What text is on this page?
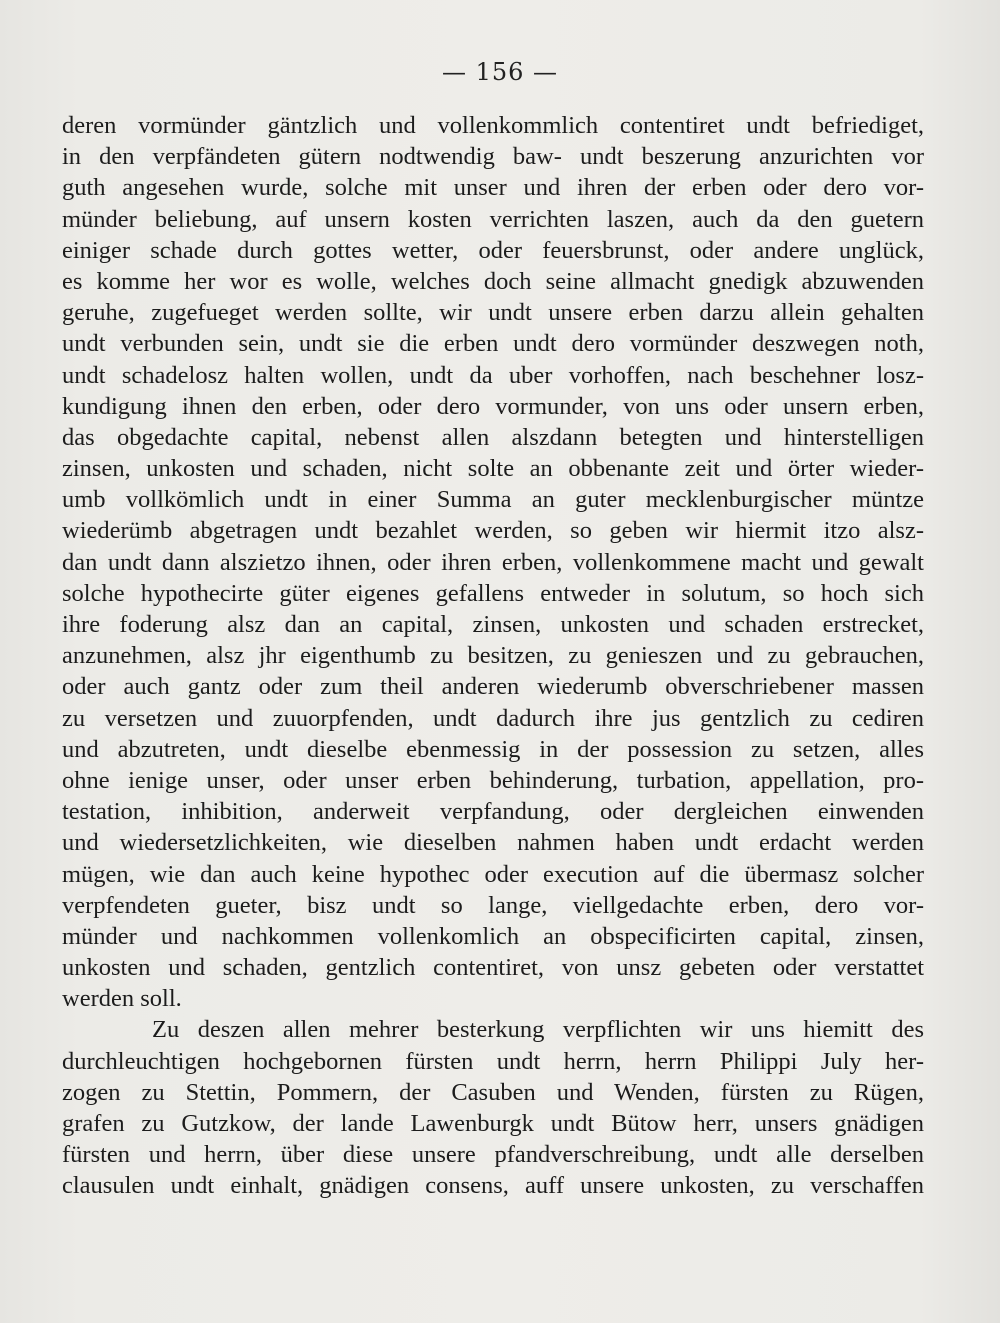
— 156 —
deren vormünder gäntzlich und vollenkommlich contentiret undt befriediget,
in den verpfändeten gütern nodtwendig baw- undt beszerung anzurichten vor
guth angesehen wurde, solche mit unser und ihren der erben oder dero vor-
münder beliebung, auf unsern kosten verrichten laszen, auch da den guetern
einiger schade durch gottes wetter, oder feuersbrunst, oder andere unglück,
es komme her wor es wolle, welches doch seine allmacht gnedigk abzuwenden
geruhe, zugefueget werden sollte, wir undt unsere erben darzu allein gehalten
undt verbunden sein, undt sie die erben undt dero vormünder deszwegen noth,
undt schadelosz halten wollen, undt da uber vorhoffen, nach beschehner losz-
kundigung ihnen den erben, oder dero vormunder, von uns oder unsern erben,
das obgedachte capital, nebenst allen alszdann betegten und hinterstelligen
zinsen, unkosten und schaden, nicht solte an obbenante zeit und örter wieder-
umb vollkömlich undt in einer Summa an guter mecklenburgischer müntze
wiederümb abgetragen undt bezahlet werden, so geben wir hiermit itzo alsz-
dan undt dann alszietzo ihnen, oder ihren erben, vollenkommene macht und gewalt
solche hypothecirte güter eigenes gefallens entweder in solutum, so hoch sich
ihre foderung alsz dan an capital, zinsen, unkosten und schaden erstrecket,
anzunehmen, alsz jhr eigenthumb zu besitzen, zu genieszen und zu gebrauchen,
oder auch gantz oder zum theil anderen wiederumb obverschriebener massen
zu versetzen und zuuorpfenden, undt dadurch ihre jus gentzlich zu cediren
und abzutreten, undt dieselbe ebenmessig in der possession zu setzen, alles
ohne ienige unser, oder unser erben behinderung, turbation, appellation, pro-
testation, inhibition, anderweit verpfandung, oder dergleichen einwenden
und wiedersetzlichkeiten, wie dieselben nahmen haben undt erdacht werden
mügen, wie dan auch keine hypothec oder execution auf die übermasz solcher
verpfendeten gueter, bisz undt so lange, viellgedachte erben, dero vor-
münder und nachkommen vollenkomlich an obspecificirten capital, zinsen,
unkosten und schaden, gentzlich contentiret, von unsz gebeten oder verstattet
werden soll.
Zu deszen allen mehrer besterkung verpflichten wir uns hiemitt des
durchleuchtigen hochgebornen fürsten undt herrn, herrn Philippi July her-
zogen zu Stettin, Pommern, der Casuben und Wenden, fürsten zu Rügen,
grafen zu Gutzkow, der lande Lawenburgk undt Bütow herr, unsers gnädigen
fürsten und herrn, über diese unsere pfandverschreibung, undt alle derselben
clausulen undt einhalt, gnädigen consens, auff unsere unkosten, zu verschaffen
